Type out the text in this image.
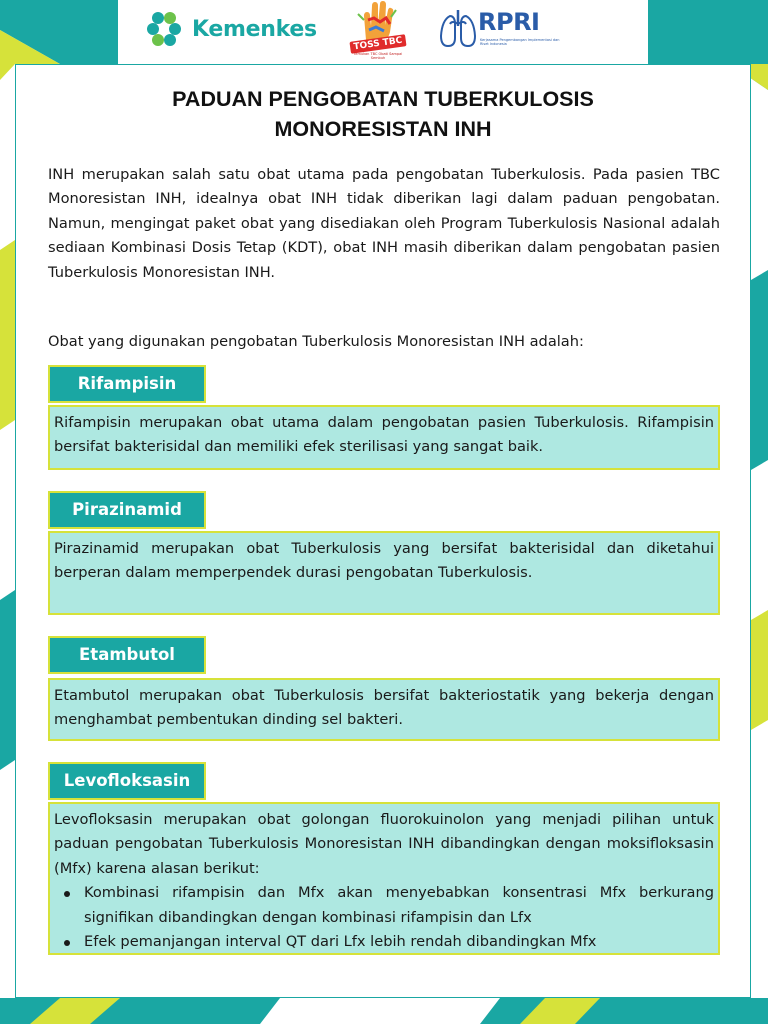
Kemenkes
TOSS TBC
Temukan TBC Obati Sampai Sembuh
RPRI
Kerjasama Pengembangan Implementasi dan Riset Indonesia
PADUAN PENGOBATAN TUBERKULOSIS
MONORESISTAN INH

INH merupakan salah satu obat utama pada pengobatan Tuberkulosis. Pada pasien TBC Monoresistan INH, idealnya obat INH tidak diberikan lagi dalam paduan pengobatan. Namun, mengingat paket obat yang disediakan oleh Program Tuberkulosis Nasional adalah sediaan Kombinasi Dosis Tetap (KDT), obat INH masih diberikan dalam pengobatan pasien Tuberkulosis Monoresistan INH.

Obat yang digunakan pengobatan Tuberkulosis Monoresistan INH adalah:

Rifampisin

Rifampisin merupakan obat utama dalam pengobatan pasien Tuberkulosis. Rifampisin bersifat bakterisidal dan memiliki efek sterilisasi yang sangat baik.

Pirazinamid

Pirazinamid merupakan obat Tuberkulosis yang bersifat bakterisidal dan diketahui berperan dalam memperpendek durasi pengobatan Tuberkulosis.

Etambutol

Etambutol merupakan obat Tuberkulosis bersifat bakteriostatik yang bekerja dengan menghambat pembentukan dinding sel bakteri.

Levofloksasin

Levofloksasin merupakan obat golongan fluorokuinolon yang menjadi pilihan untuk paduan pengobatan Tuberkulosis Monoresistan INH dibandingkan dengan moksifloksasin (Mfx) karena alasan berikut:

Kombinasi rifampisin dan Mfx akan menyebabkan konsentrasi Mfx berkurang signifikan dibandingkan dengan kombinasi rifampisin dan Lfx
Efek pemanjangan interval QT dari Lfx lebih rendah dibandingkan Mfx
